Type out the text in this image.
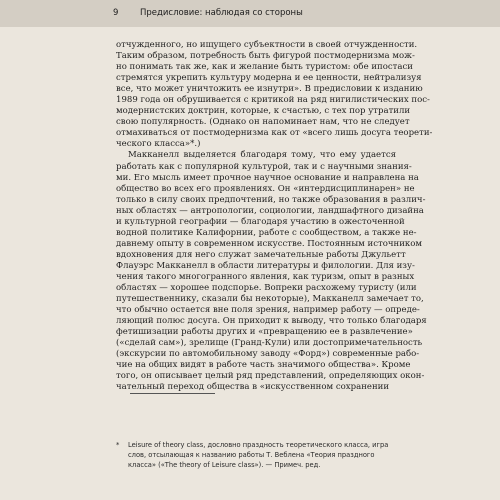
9	Предисловие: наблюдая со стороны

отчужденного, но ищущего субъектности в своей отчужденности.
Таким образом, потребность быть фигурой постмодернизма мож-
но понимать так же, как и желание быть туристом: обе ипостаси
стремятся укрепить культуру модерна и ее ценности, нейтрализуя
все, что может уничтожить ее изнутри». В предисловии к изданию
1989 года он обрушивается с критикой на ряд нигилистических пос-
модернистских доктрин, которые, к счастью, с тех пор утратили
свою популярность. (Однако он напоминает нам, что не следует
отмахиваться от постмодернизма как от «всего лишь досуга теорети-
ческого класса»*.)

Макканелл выделяется благодаря тому, что ему удается
работать как с популярной культурой, так и с научными знания-
ми. Его мысль имеет прочное научное основание и направлена на
общество во всех его проявлениях. Он «интердисциплинарен» не
только в силу своих предпочтений, но также образования в различ-
ных областях — антропологии, социологии, ландшафтного дизайна
и культурной географии — благодаря участию в ожесточенной
водной политике Калифорнии, работе с сообществом, а также не-
давнему опыту в современном искусстве. Постоянным источником
вдохновения для него служат замечательные работы Джульетт
Флауэрс Макканелл в области литературы и филологии. Для изу-
чения такого многогранного явления, как туризм, опыт в разных
областях — хорошее подспорье. Вопреки расхожему туристу (или
путешественнику, сказали бы некоторые), Макканелл замечает то,
что обычно остается вне поля зрения, например работу — опреде-
ляющий полюс досуга. Он приходит к выводу, что только благодаря
фетишизации работы других и «превращению ее в развлечение»
(«сделай сам»), зрелище (Гранд-Кули) или достопримечательность
(экскурсии по автомобильному заводу «Форд») современные рабо-
чие на общих видят в работе часть значимого общества». Кроме
того, он описывает целый ряд представлений, определяющих окон-
чательный переход общества в «искусственном сохранении

* Leisure of theory class, дословно праздность теоретического класса, игра
слов, отсылающая к названию работы Т. Веблена «Теория праздного
класса» («The theory of Leisure class»). — Примеч. ред.
